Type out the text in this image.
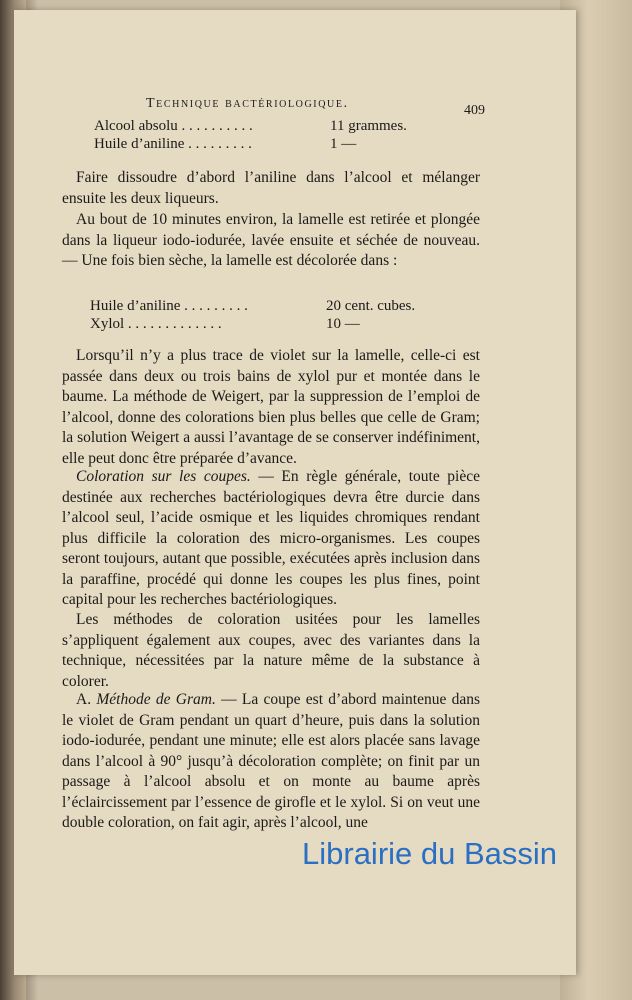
Technique bactériologique.	409
Alcool absolu . . . . . . . . . .	11 grammes.
Huile d’aniline . . . . . . . . .	1 —

Faire dissoudre d’abord l’aniline dans l’alcool et mélanger ensuite les deux liqueurs.

Au bout de 10 minutes environ, la lamelle est retirée et plongée dans la liqueur iodo-iodurée, lavée ensuite et séchée de nouveau. — Une fois bien sèche, la lamelle est décolorée dans :

Huile d’aniline . . . . . . . . .	20 cent. cubes.
Xylol . . . . . . . . . . . . .	10 —

Lorsqu’il n’y a plus trace de violet sur la lamelle, celle-ci est passée dans deux ou trois bains de xylol pur et montée dans le baume. La méthode de Weigert, par la suppression de l’emploi de l’alcool, donne des colorations bien plus belles que celle de Gram; la solution Weigert a aussi l’avantage de se conserver indéfiniment, elle peut donc être préparée d’avance.

Coloration sur les coupes. — En règle générale, toute pièce destinée aux recherches bactériologiques devra être durcie dans l’alcool seul, l’acide osmique et les liquides chromiques rendant plus difficile la coloration des micro-organismes. Les coupes seront toujours, autant que possible, exécutées après inclusion dans la paraffine, procédé qui donne les coupes les plus fines, point capital pour les recherches bactériologiques.

Les méthodes de coloration usitées pour les lamelles s’appliquent également aux coupes, avec des variantes dans la technique, nécessitées par la nature même de la substance à colorer.

A. Méthode de Gram. — La coupe est d’abord maintenue dans le violet de Gram pendant un quart d’heure, puis dans la solution iodo-iodurée, pendant une minute; elle est alors placée sans lavage dans l’alcool à 90° jusqu’à décoloration complète; on finit par un passage à l’alcool absolu et on monte au baume après l’éclaircissement par l’essence de girofle et le xylol. Si on veut une double coloration, on fait agir, après l’alcool, une

Librairie du Bassin
